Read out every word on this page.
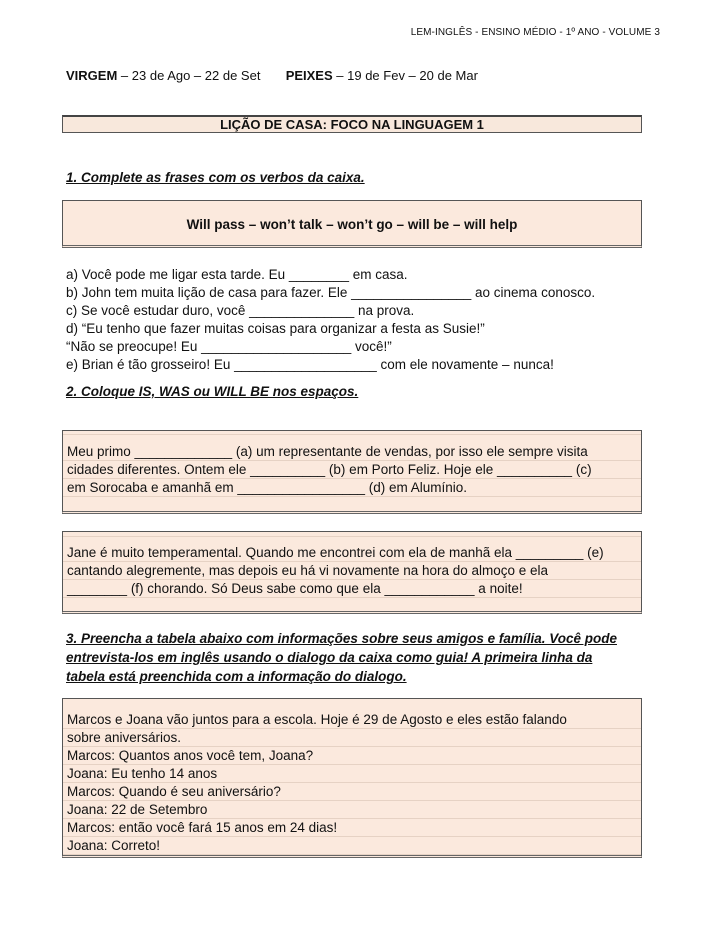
LEM-INGLÊS - ENSINO MÉDIO - 1º ANO - VOLUME 3
VIRGEM – 23 de Ago – 22 de Set PEIXES – 19 de Fev – 20 de Mar
LIÇÃO DE CASA: FOCO NA LINGUAGEM 1
1. Complete as frases com os verbos da caixa.
Will pass – won’t talk – won’t go – will be – will help
a) Você pode me ligar esta tarde. Eu ________ em casa.
b) John tem muita lição de casa para fazer. Ele ________________ ao cinema conosco.
c) Se você estudar duro, você ______________ na prova.
d) “Eu tenho que fazer muitas coisas para organizar a festa as Susie!”
“Não se preocupe! Eu ____________________ você!”
e) Brian é tão grosseiro! Eu ___________________ com ele novamente – nunca!
2. Coloque IS, WAS ou WILL BE nos espaços.
Meu primo _____________ (a) um representante de vendas, por isso ele sempre visita
cidades diferentes. Ontem ele __________ (b) em Porto Feliz. Hoje ele __________ (c)
em Sorocaba e amanhã em _________________ (d) em Alumínio.
Jane é muito temperamental. Quando me encontrei com ela de manhã ela _________ (e)
cantando alegremente, mas depois eu há vi novamente na hora do almoço e ela
________ (f) chorando. Só Deus sabe como que ela ____________ a noite!
3. Preencha a tabela abaixo com informações sobre seus amigos e família. Você pode
entrevista-los em inglês usando o dialogo da caixa como guia! A primeira linha da
tabela está preenchida com a informação do dialogo.
Marcos e Joana vão juntos para a escola. Hoje é 29 de Agosto e eles estão falando
sobre aniversários.
Marcos: Quantos anos você tem, Joana?
Joana: Eu tenho 14 anos
Marcos: Quando é seu aniversário?
Joana: 22 de Setembro
Marcos: então você fará 15 anos em 24 dias!
Joana: Correto!
